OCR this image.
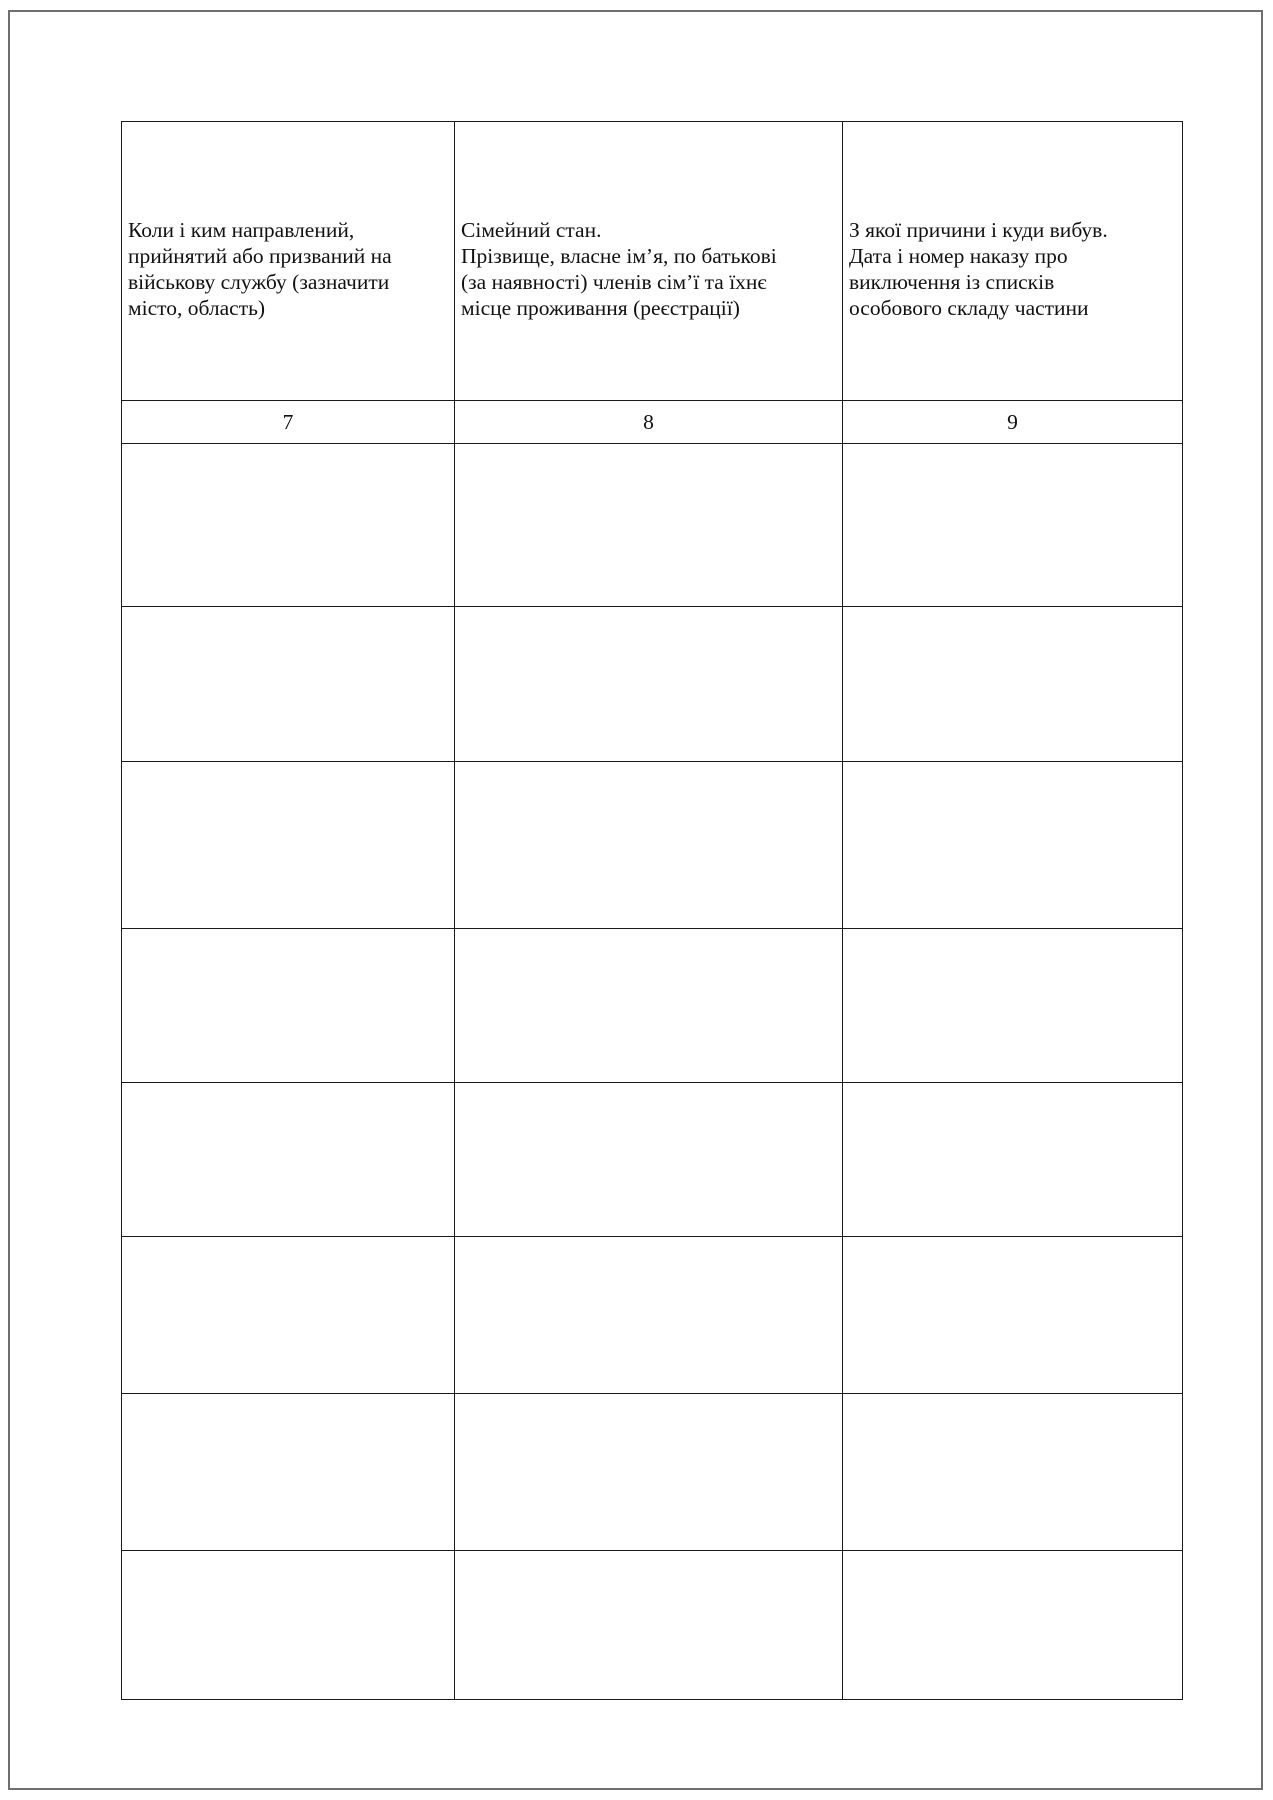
Коли і ким направлений,
прийнятий або призваний на
військову службу (зазначити
місто, область)	Сімейний стан.
Прізвище, власне ім’я, по батькові
(за наявності) членів сім’ї та їхнє
місце проживання (реєстрації)	З якої причини і куди вибув.
Дата і номер наказу про
виключення із списків
особового складу частини

7	8	9
